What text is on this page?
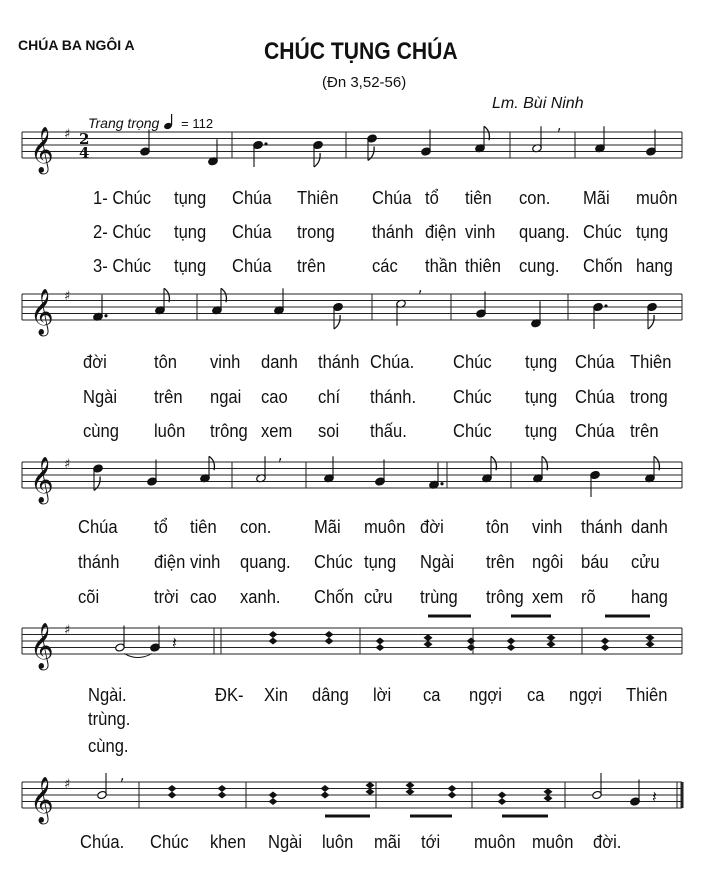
CHÚA BA NGÔI A	CHÚC TỤNG CHÚA
(Đn 3,52-56)
Lm. Bùi Ninh
Trang trọng = 112
𝄞 ♯
𝄞 ♯
𝄞 ♯
𝄞 ♯
𝄞 ♯
2
4
,
,
,
,
𝄽
𝄽
1- Chúc tụng Chúa Thiên Chúa tổ tiên con. Mãi muôn
2- Chúc tụng Chúa trong thánh điện vinh quang. Chúc tụng
3- Chúc tụng Chúa trên	các thần thiên cung. Chốn hang
đời	tôn vinh danh thánh Chúa. Chúc tụng Chúa Thiên
Ngài trên ngai cao chí thánh. Chúc tụng Chúa trong
cùng luôn trông xem soi thấu.	Chúc tụng Chúa trên
Chúa tổ tiên con. Mãi muôn đời tôn vinh thánh danh
thánh điện vinh quang. Chúc tụng Ngài trên ngôi báu cửu
cõi	trời cao xanh. Chốn cửu trùng trông xem rõ hang
Ngài.	ĐK- Xin dâng lời ca ngợi ca ngợi Thiên
trùng.
cùng.
Chúa. Chúc khen Ngài luôn mãi tới muôn muôn đời.
